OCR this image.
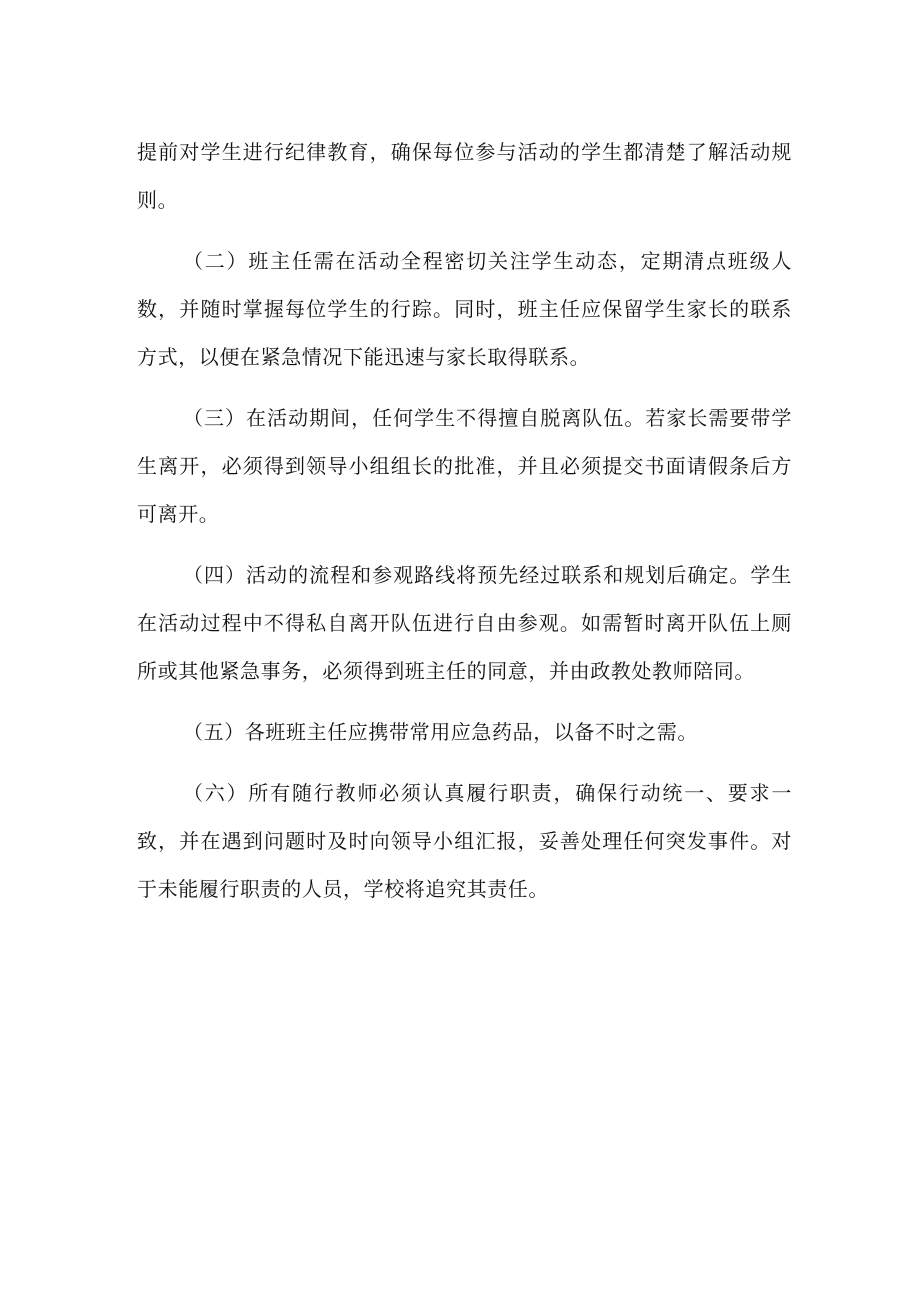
提前对学生进行纪律教育，确保每位参与活动的学生都清楚了解活动规则。

（二）班主任需在活动全程密切关注学生动态，定期清点班级人数，并随时掌握每位学生的行踪。同时，班主任应保留学生家长的联系方式，以便在紧急情况下能迅速与家长取得联系。

（三）在活动期间，任何学生不得擅自脱离队伍。若家长需要带学生离开，必须得到领导小组组长的批准，并且必须提交书面请假条后方可离开。

（四）活动的流程和参观路线将预先经过联系和规划后确定。学生在活动过程中不得私自离开队伍进行自由参观。如需暂时离开队伍上厕所或其他紧急事务，必须得到班主任的同意，并由政教处教师陪同。

（五）各班班主任应携带常用应急药品，以备不时之需。

（六）所有随行教师必须认真履行职责，确保行动统一、要求一致，并在遇到问题时及时向领导小组汇报，妥善处理任何突发事件。对于未能履行职责的人员，学校将追究其责任。
